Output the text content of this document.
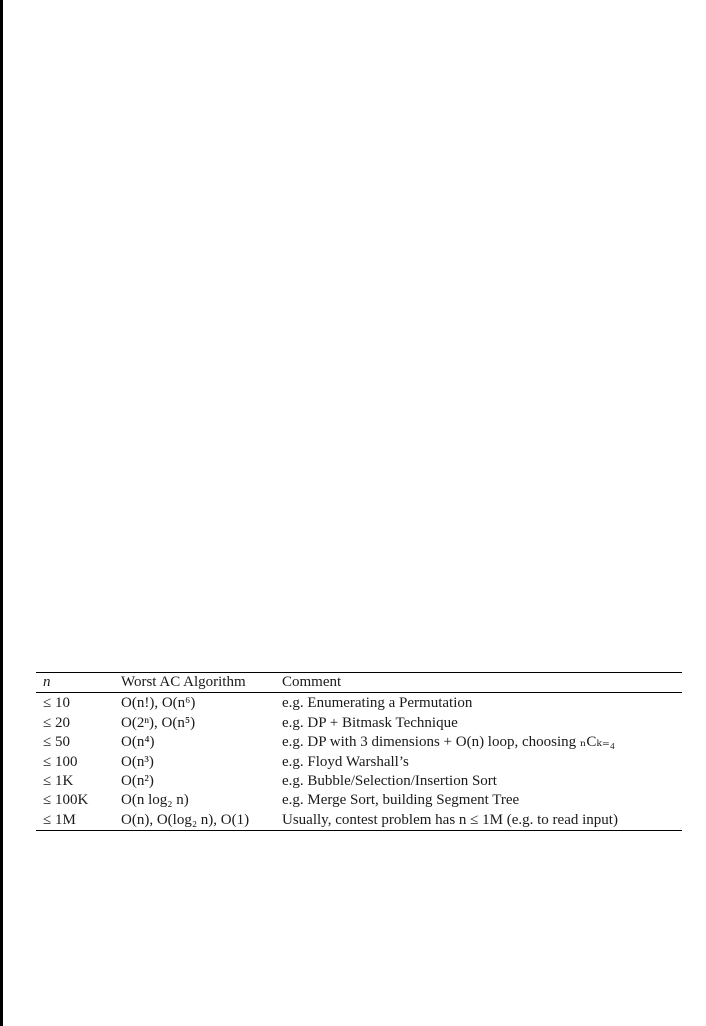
n	Worst AC Algorithm	Comment
≤ 10	O(n!), O(n⁶)	e.g. Enumerating a Permutation
≤ 20	O(2ⁿ), O(n⁵)	e.g. DP + Bitmask Technique
≤ 50	O(n⁴)	e.g. DP with 3 dimensions + O(n) loop, choosing ₙCₖ₌₄
≤ 100	O(n³)	e.g. Floyd Warshall’s
≤ 1K	O(n²)	e.g. Bubble/Selection/Insertion Sort
≤ 100K	O(n log₂ n)	e.g. Merge Sort, building Segment Tree
≤ 1M	O(n), O(log₂ n), O(1)	Usually, contest problem has n ≤ 1M (e.g. to read input)
